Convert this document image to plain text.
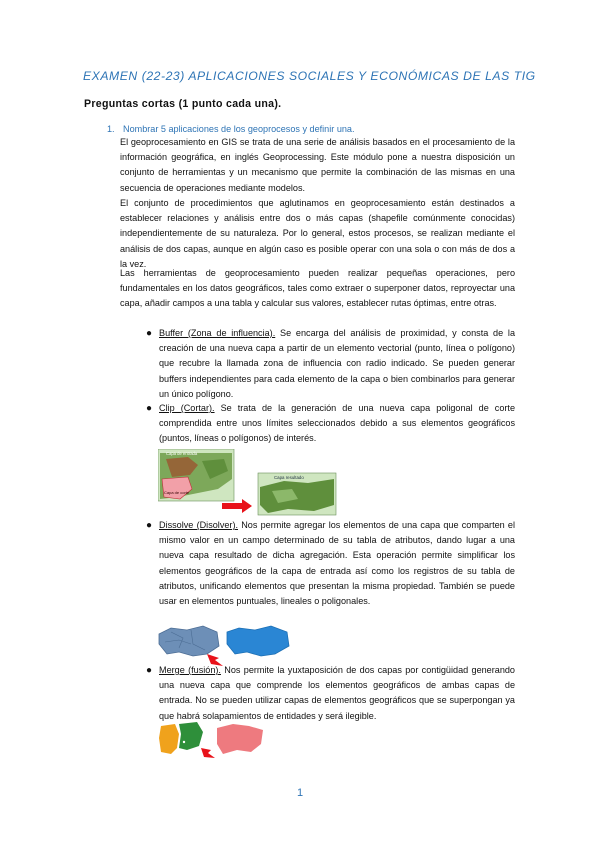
EXAMEN (22-23) APLICACIONES SOCIALES Y ECONÓMICAS DE LAS TIG
Preguntas cortas (1 punto cada una).
1. Nombrar 5 aplicaciones de los geoprocesos y definir una.

El geoprocesamiento en GIS se trata de una serie de análisis basados en el procesamiento de la información geográfica, en inglés Geoprocessing. Este módulo pone a nuestra disposición un conjunto de herramientas y un mecanismo que permite la combinación de las mismas en una secuencia de operaciones mediante modelos.

El conjunto de procedimientos que aglutinamos en geoprocesamiento están destinados a establecer relaciones y análisis entre dos o más capas (shapefile comúnmente conocidas) independientemente de su naturaleza. Por lo general, estos procesos, se realizan mediante el análisis de dos capas, aunque en algún caso es posible operar con una sola o con más de dos a la vez.

Las herramientas de geoprocesamiento pueden realizar pequeñas operaciones, pero fundamentales en los datos geográficos, tales como extraer o superponer datos, reproyectar una capa, añadir campos a una tabla y calcular sus valores, establecer rutas óptimas, entre otras.

● Buffer (Zona de influencia). Se encarga del análisis de proximidad, y consta de la creación de una nueva capa a partir de un elemento vectorial (punto, línea o polígono) que recubre la llamada zona de influencia con radio indicado. Se pueden generar buffers independientes para cada elemento de la capa o bien combinarlos para generar un único polígono.

● Clip (Cortar). Se trata de la generación de una nueva capa poligonal de corte comprendida entre unos límites seleccionados debido a sus elementos geográficos (puntos, líneas o polígonos) de interés.

Capa de entrada
Capa de corte
Capa resultado
● Dissolve (Disolver). Nos permite agregar los elementos de una capa que comparten el mismo valor en un campo determinado de su tabla de atributos, dando lugar a una nueva capa resultado de dicha agregación. Esta operación permite simplificar los elementos geográficos de la capa de entrada así como los registros de su tabla de atributos, unificando elementos que presentan la misma propiedad. También se puede usar en elementos puntuales, lineales o poligonales.

● Merge (fusión). Nos permite la yuxtaposición de dos capas por contigüidad generando una nueva capa que comprende los elementos geográficos de ambas capas de entrada. No se pueden utilizar capas de elementos geográficos que se superpongan ya que habrá solapamientos de entidades y será ilegible.

1
